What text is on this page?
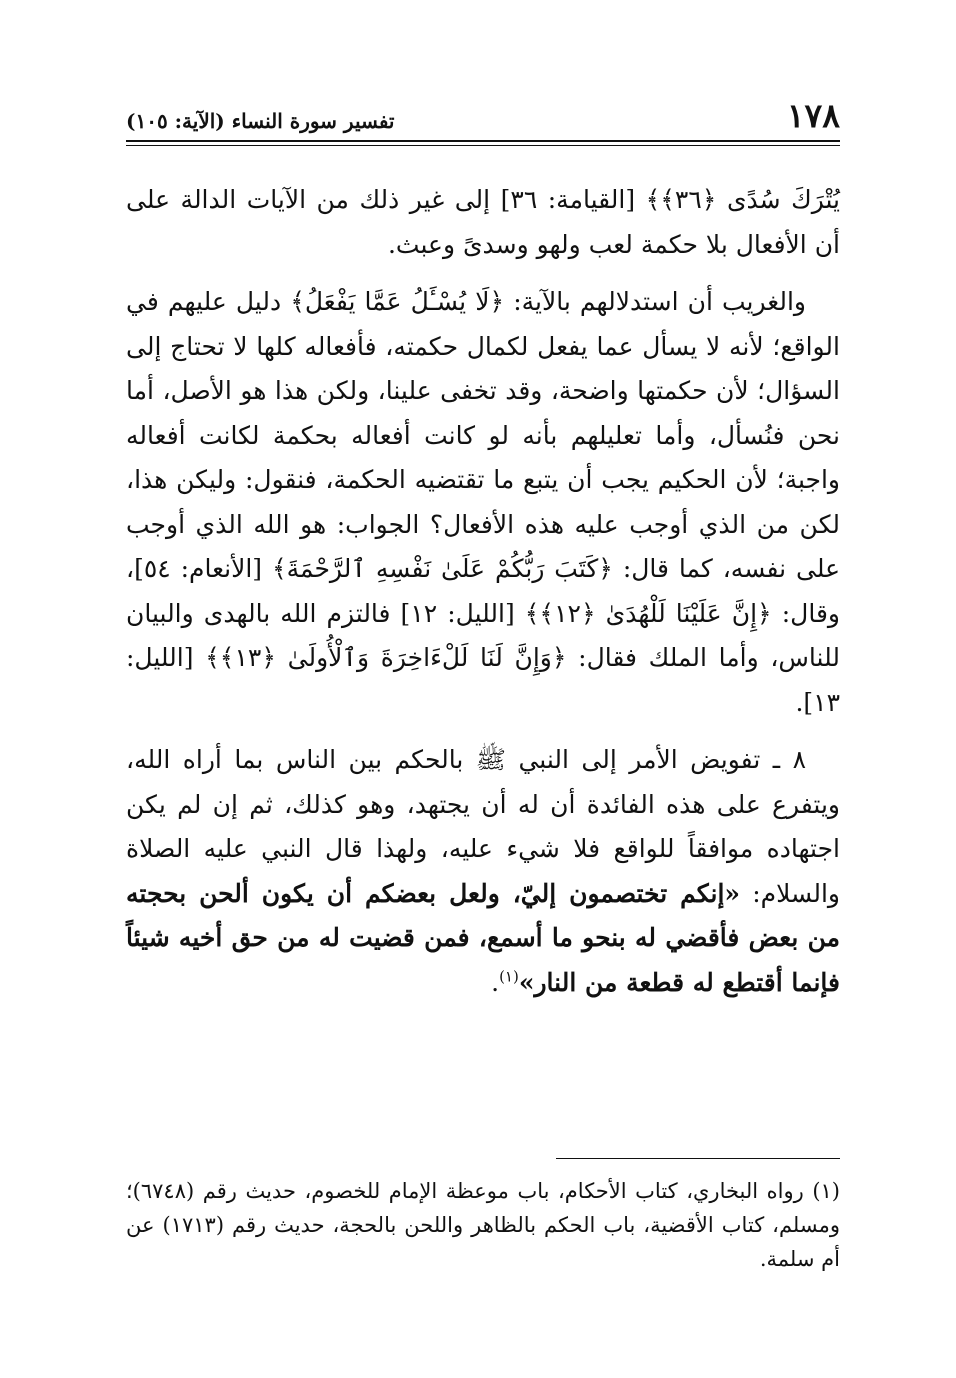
١٧٨
تفسير سورة النساء (الآية: ١٠٥)

يُتْرَكَ سُدًى ﴿٣٦﴾﴾ [القيامة: ٣٦] إلى غير ذلك من الآيات الدالة على أن الأفعال بلا حكمة لعب ولهو وسدىً وعبث.

والغريب أن استدلالهم بالآية: ﴿لَا يُسْـَٔلُ عَمَّا يَفْعَلُ﴾ دليل عليهم في الواقع؛ لأنه لا يسأل عما يفعل لكمال حكمته، فأفعاله كلها لا تحتاج إلى السؤال؛ لأن حكمتها واضحة، وقد تخفى علينا، ولكن هذا هو الأصل، أما نحن فنُسأل، وأما تعليلهم بأنه لو كانت أفعاله بحكمة لكانت أفعاله واجبة؛ لأن الحكيم يجب أن يتبع ما تقتضيه الحكمة، فنقول: وليكن هذا، لكن من الذي أوجب عليه هذه الأفعال؟ الجواب: هو الله الذي أوجب على نفسه، كما قال: ﴿كَتَبَ رَبُّكُمْ عَلَىٰ نَفْسِهِ ٱلرَّحْمَةَ﴾ [الأنعام: ٥٤]، وقال: ﴿إِنَّ عَلَيْنَا لَلْهُدَىٰ ﴿١٢﴾﴾ [الليل: ١٢] فالتزم الله بالهدى والبيان للناس، وأما الملك فقال: ﴿وَإِنَّ لَنَا لَلْءَاخِرَةَ وَٱلْأُولَىٰ ﴿١٣﴾﴾ [الليل: ١٣].

٨ ـ تفويض الأمر إلى النبي ﷺ بالحكم بين الناس بما أراه الله، ويتفرع على هذه الفائدة أن له أن يجتهد، وهو كذلك، ثم إن لم يكن اجتهاده موافقاً للواقع فلا شيء عليه، ولهذا قال النبي عليه الصلاة والسلام: «إنكم تختصمون إليّ، ولعل بعضكم أن يكون ألحن بحجته من بعض فأقضي له بنحو ما أسمع، فمن قضيت له من حق أخيه شيئاً فإنما أقتطع له قطعة من النار»$^{(١)}$.

(١) رواه البخاري، كتاب الأحكام، باب موعظة الإمام للخصوم، حديث رقم (٦٧٤٨)؛ ومسلم، كتاب الأقضية، باب الحكم بالظاهر واللحن بالحجة، حديث رقم (١٧١٣) عن أم سلمة.
